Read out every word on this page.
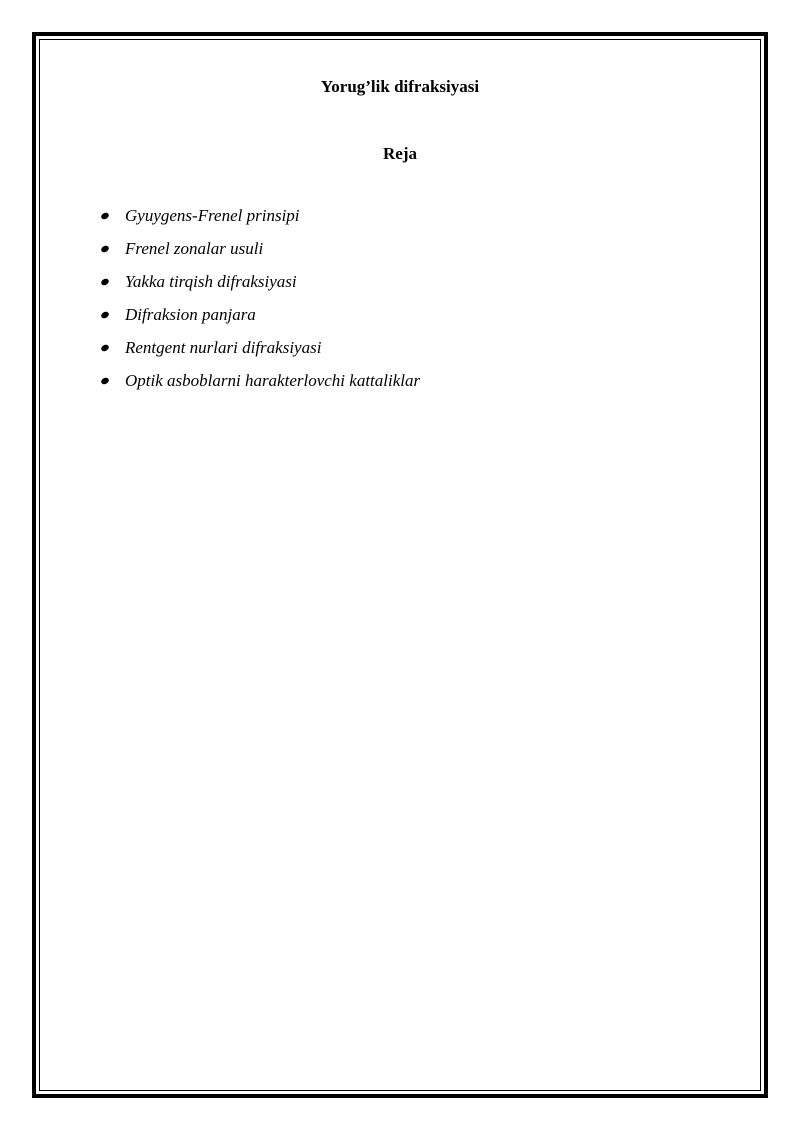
Yorug’lik difraksiyasi
Reja
Gyuygens-Frenel prinsipi
Frenel zonalar usuli
Yakka tirqish difraksiyasi
Difraksion panjara
Rentgent nurlari difraksiyasi
Optik asboblarni harakterlovchi kattaliklar
